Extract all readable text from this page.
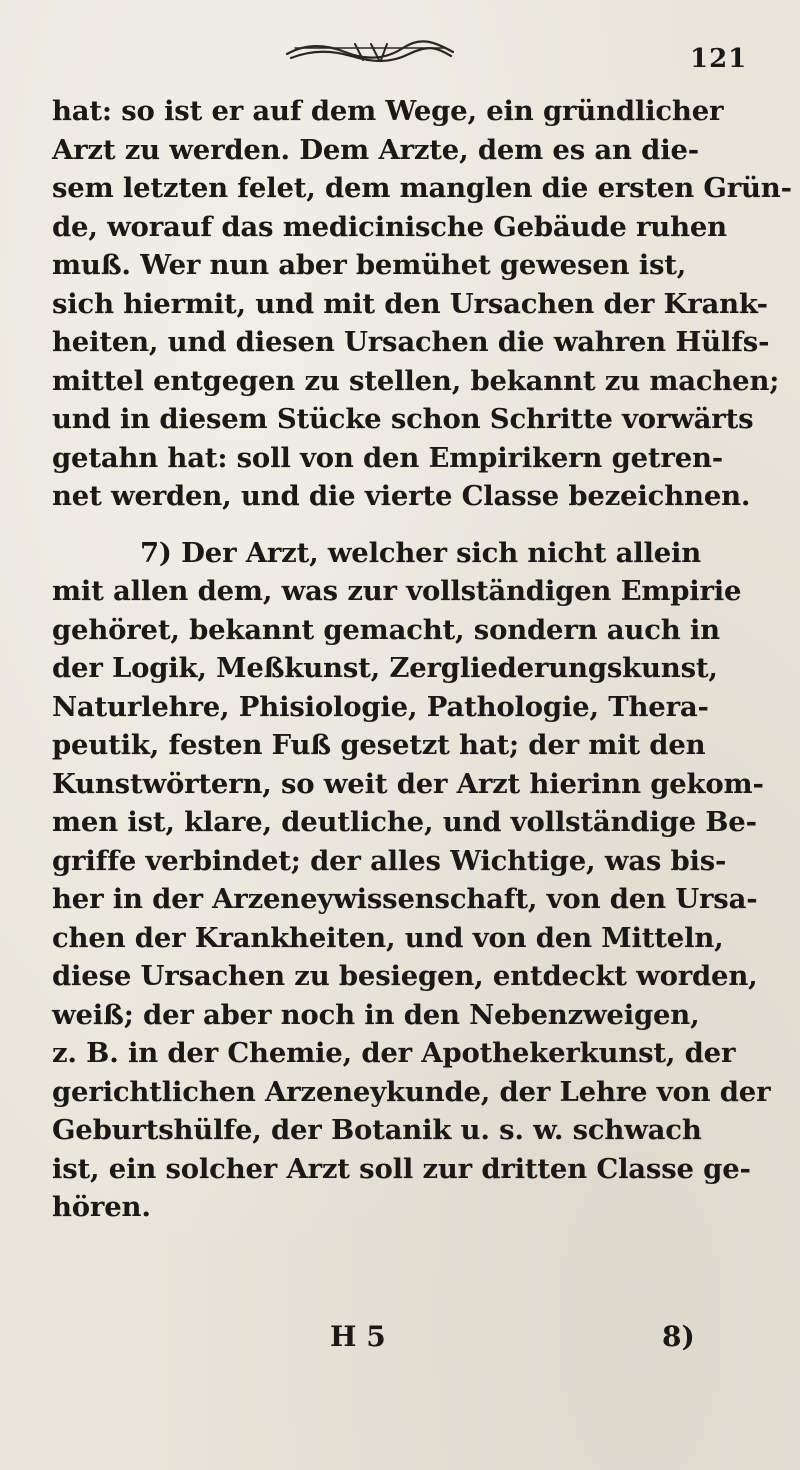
121
hat: so ist er auf dem Wege, ein gründlicher
Arzt zu werden. Dem Arzte, dem es an die-
sem letzten felet, dem manglen die ersten Grün-
de, worauf das medicinische Gebäude ruhen
muß. Wer nun aber bemühet gewesen ist,
sich hiermit, und mit den Ursachen der Krank-
heiten, und diesen Ursachen die wahren Hülfs-
mittel entgegen zu stellen, bekannt zu machen;
und in diesem Stücke schon Schritte vorwärts
getahn hat: soll von den Empirikern getren-
net werden, und die vierte Classe bezeichnen.
7) Der Arzt, welcher sich nicht allein
mit allen dem, was zur vollständigen Empirie
gehöret, bekannt gemacht, sondern auch in
der Logik, Meßkunst, Zergliederungskunst,
Naturlehre, Phisiologie, Pathologie, Thera-
peutik, festen Fuß gesetzt hat; der mit den
Kunstwörtern, so weit der Arzt hierinn gekom-
men ist, klare, deutliche, und vollständige Be-
griffe verbindet; der alles Wichtige, was bis-
her in der Arzeneywissenschaft, von den Ursa-
chen der Krankheiten, und von den Mitteln,
diese Ursachen zu besiegen, entdeckt worden,
weiß; der aber noch in den Nebenzweigen,
z. B. in der Chemie, der Apothekerkunst, der
gerichtlichen Arzeneykunde, der Lehre von der
Geburtshülfe, der Botanik u. s. w. schwach
ist, ein solcher Arzt soll zur dritten Classe ge-
hören.
H 5	8)
